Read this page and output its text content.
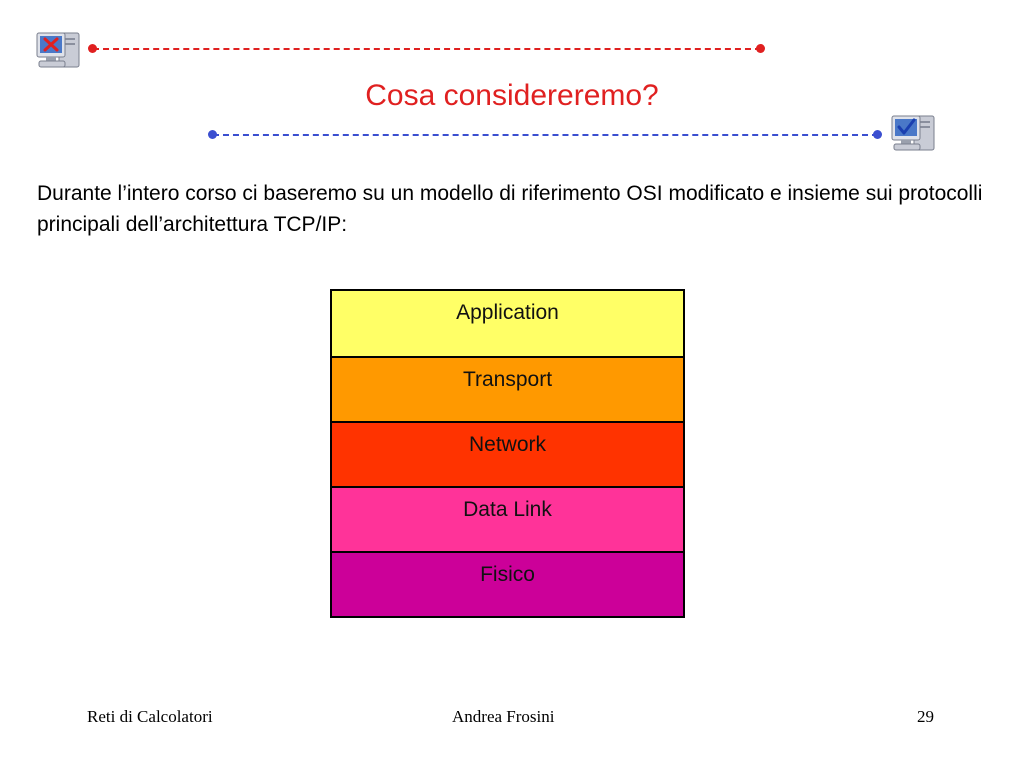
Cosa considereremo?
Durante l’intero corso ci baseremo su un modello di riferimento OSI modificato e insieme sui protocolli principali dell’architettura TCP/IP:
Application
Transport
Network
Data Link
Fisico
Reti di Calcolatori	Andrea Frosini	29
